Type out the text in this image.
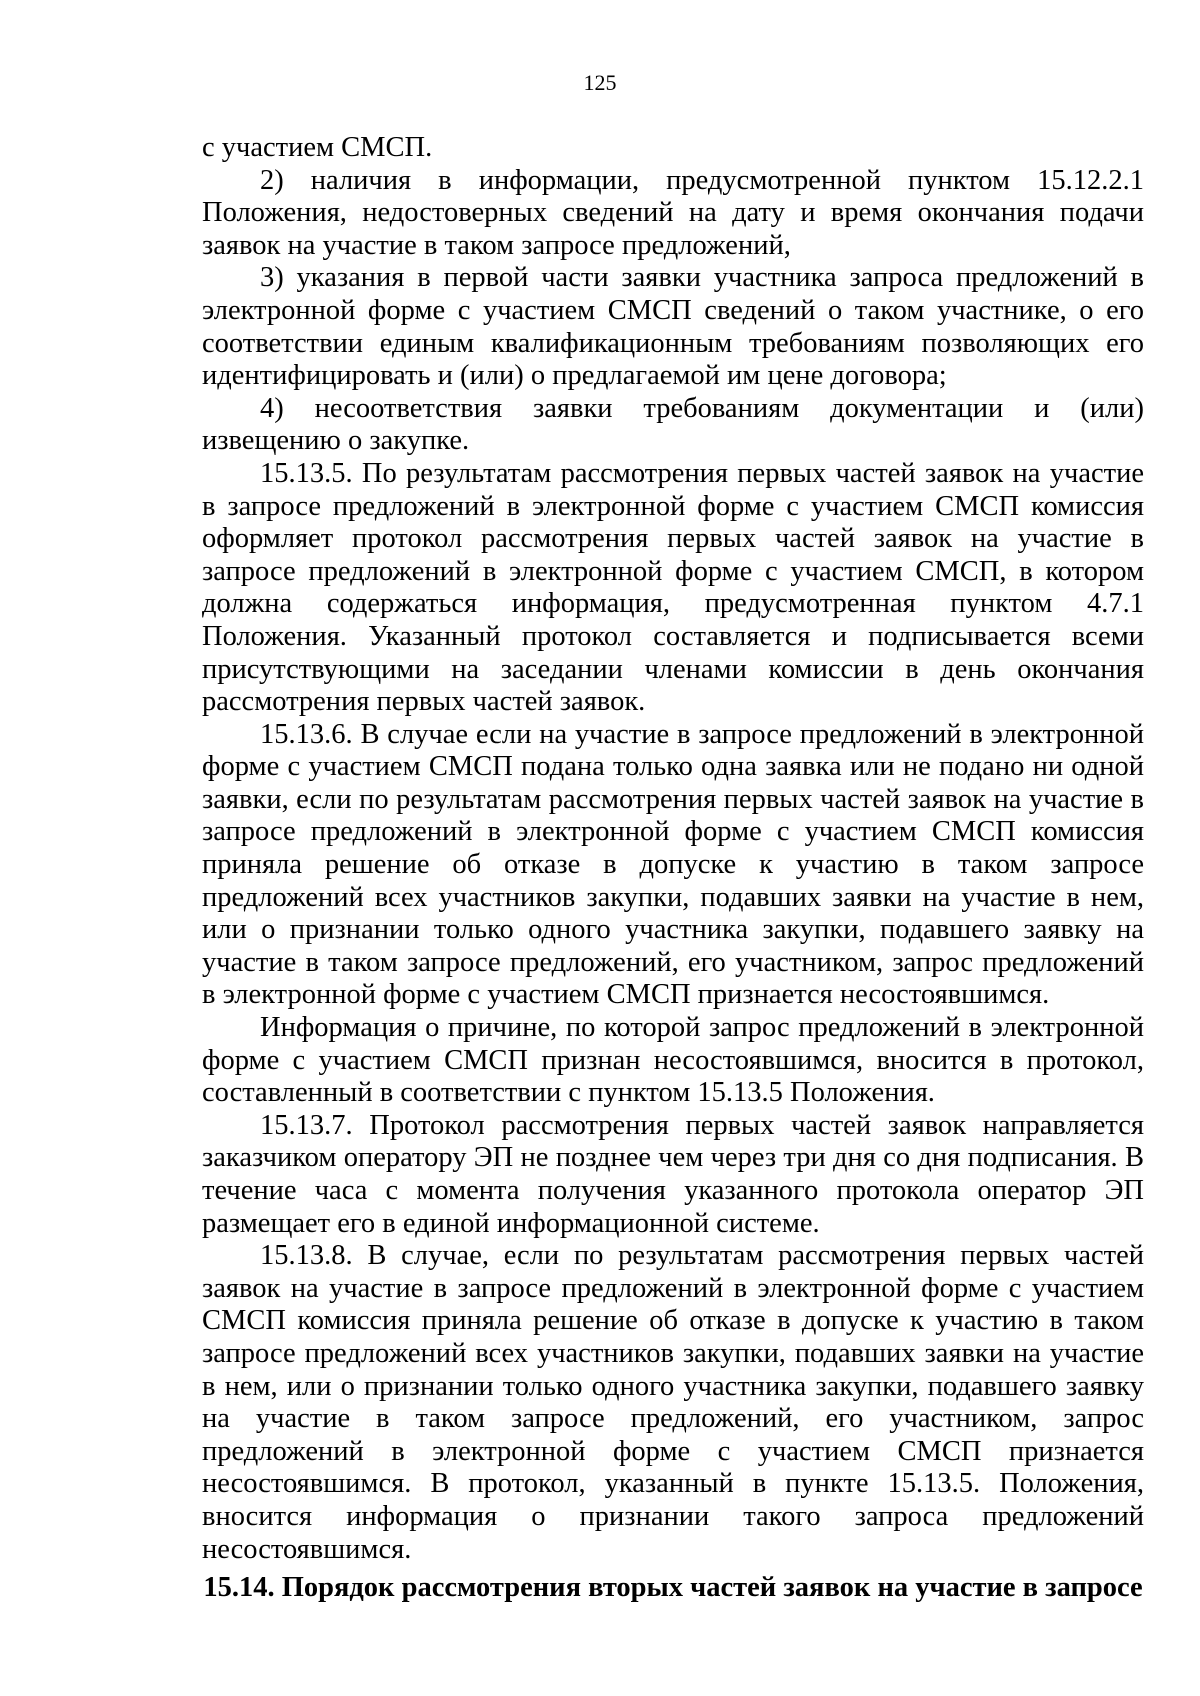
125

с участием СМСП.

2) наличия в информации, предусмотренной пунктом 15.12.2.1 Положения, недостоверных сведений на дату и время окончания подачи заявок на участие в таком запросе предложений,

3) указания в первой части заявки участника запроса предложений в электронной форме с участием СМСП сведений о таком участнике, о его соответствии единым квалификационным требованиям позволяющих его идентифицировать и (или) о предлагаемой им цене договора;

4) несоответствия заявки требованиям документации и (или) извещению о закупке.

15.13.5. По результатам рассмотрения первых частей заявок на участие в запросе предложений в электронной форме с участием СМСП комиссия оформляет протокол рассмотрения первых частей заявок на участие в запросе предложений в электронной форме с участием СМСП, в котором должна содержаться информация, предусмотренная пунктом 4.7.1 Положения. Указанный протокол составляется и подписывается всеми присутствующими на заседании членами комиссии в день окончания рассмотрения первых частей заявок.

15.13.6. В случае если на участие в запросе предложений в электронной форме с участием СМСП подана только одна заявка или не подано ни одной заявки, если по результатам рассмотрения первых частей заявок на участие в запросе предложений в электронной форме с участием СМСП комиссия приняла решение об отказе в допуске к участию в таком запросе предложений всех участников закупки, подавших заявки на участие в нем, или о признании только одного участника закупки, подавшего заявку на участие в таком запросе предложений, его участником, запрос предложений в электронной форме с участием СМСП признается несостоявшимся.

Информация о причине, по которой запрос предложений в электронной форме с участием СМСП признан несостоявшимся, вносится в протокол, составленный в соответствии с пунктом 15.13.5 Положения.

15.13.7. Протокол рассмотрения первых частей заявок направляется заказчиком оператору ЭП не позднее чем через три дня со дня подписания. В течение часа с момента получения указанного протокола оператор ЭП размещает его в единой информационной системе.

15.13.8. В случае, если по результатам рассмотрения первых частей заявок на участие в запросе предложений в электронной форме с участием СМСП комиссия приняла решение об отказе в допуске к участию в таком запросе предложений всех участников закупки, подавших заявки на участие в нем, или о признании только одного участника закупки, подавшего заявку на участие в таком запросе предложений, его участником, запрос предложений в электронной форме с участием СМСП признается несостоявшимся. В протокол, указанный в пункте 15.13.5. Положения, вносится информация о признании такого запроса предложений несостоявшимся.

15.14. Порядок рассмотрения вторых частей заявок на участие в запросе
